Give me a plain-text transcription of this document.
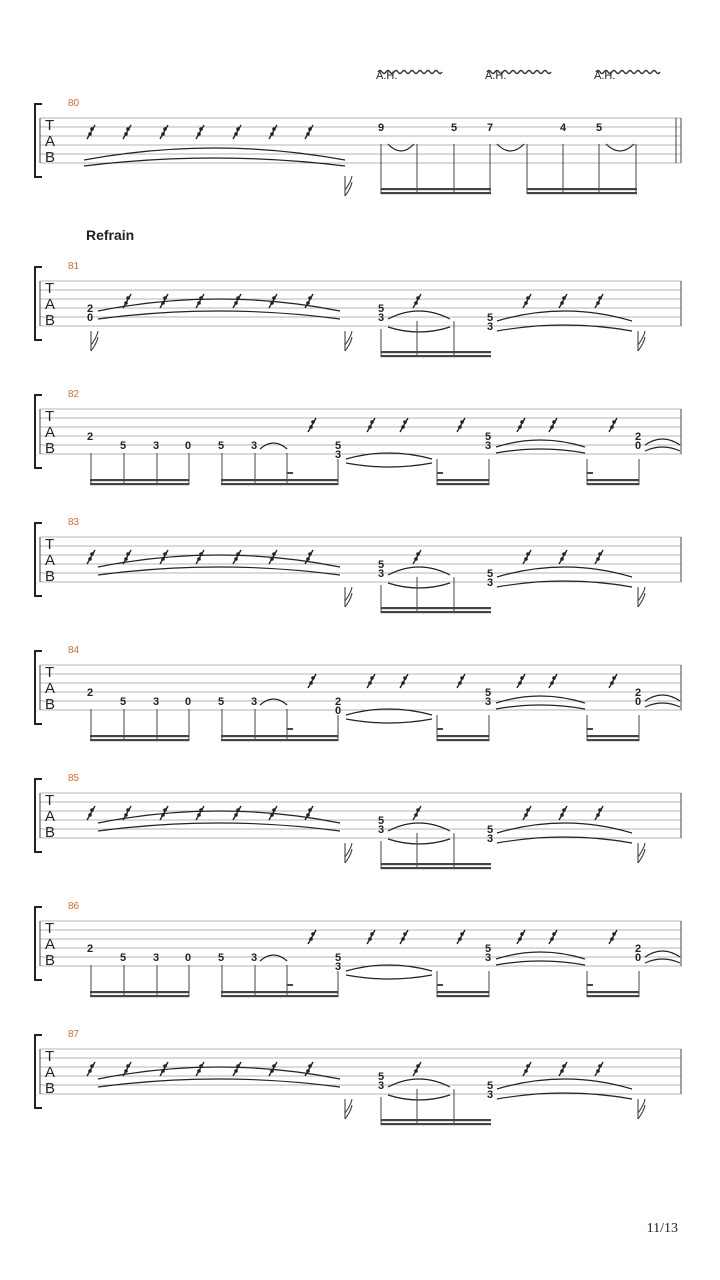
A.H.	A.H.	A.H.
Refrain
T
A
B
80
9	5	7	4	5
T
A
B
81
2
0
5
3	5
3
T
A
B
82
2
5 3 0 5 3	5
3
5
3
2
0
T
A
B
83
5
3	5
3
T
A
B
84
2
5 3 0 5 3	2
0
5
3
2
0
T
A
B
85
5
3	5
3
T
A
B
86
2
5 3 0 5 3	5
3
5
3
2
0
T
A
B
87
5
3	5
3
11/13
